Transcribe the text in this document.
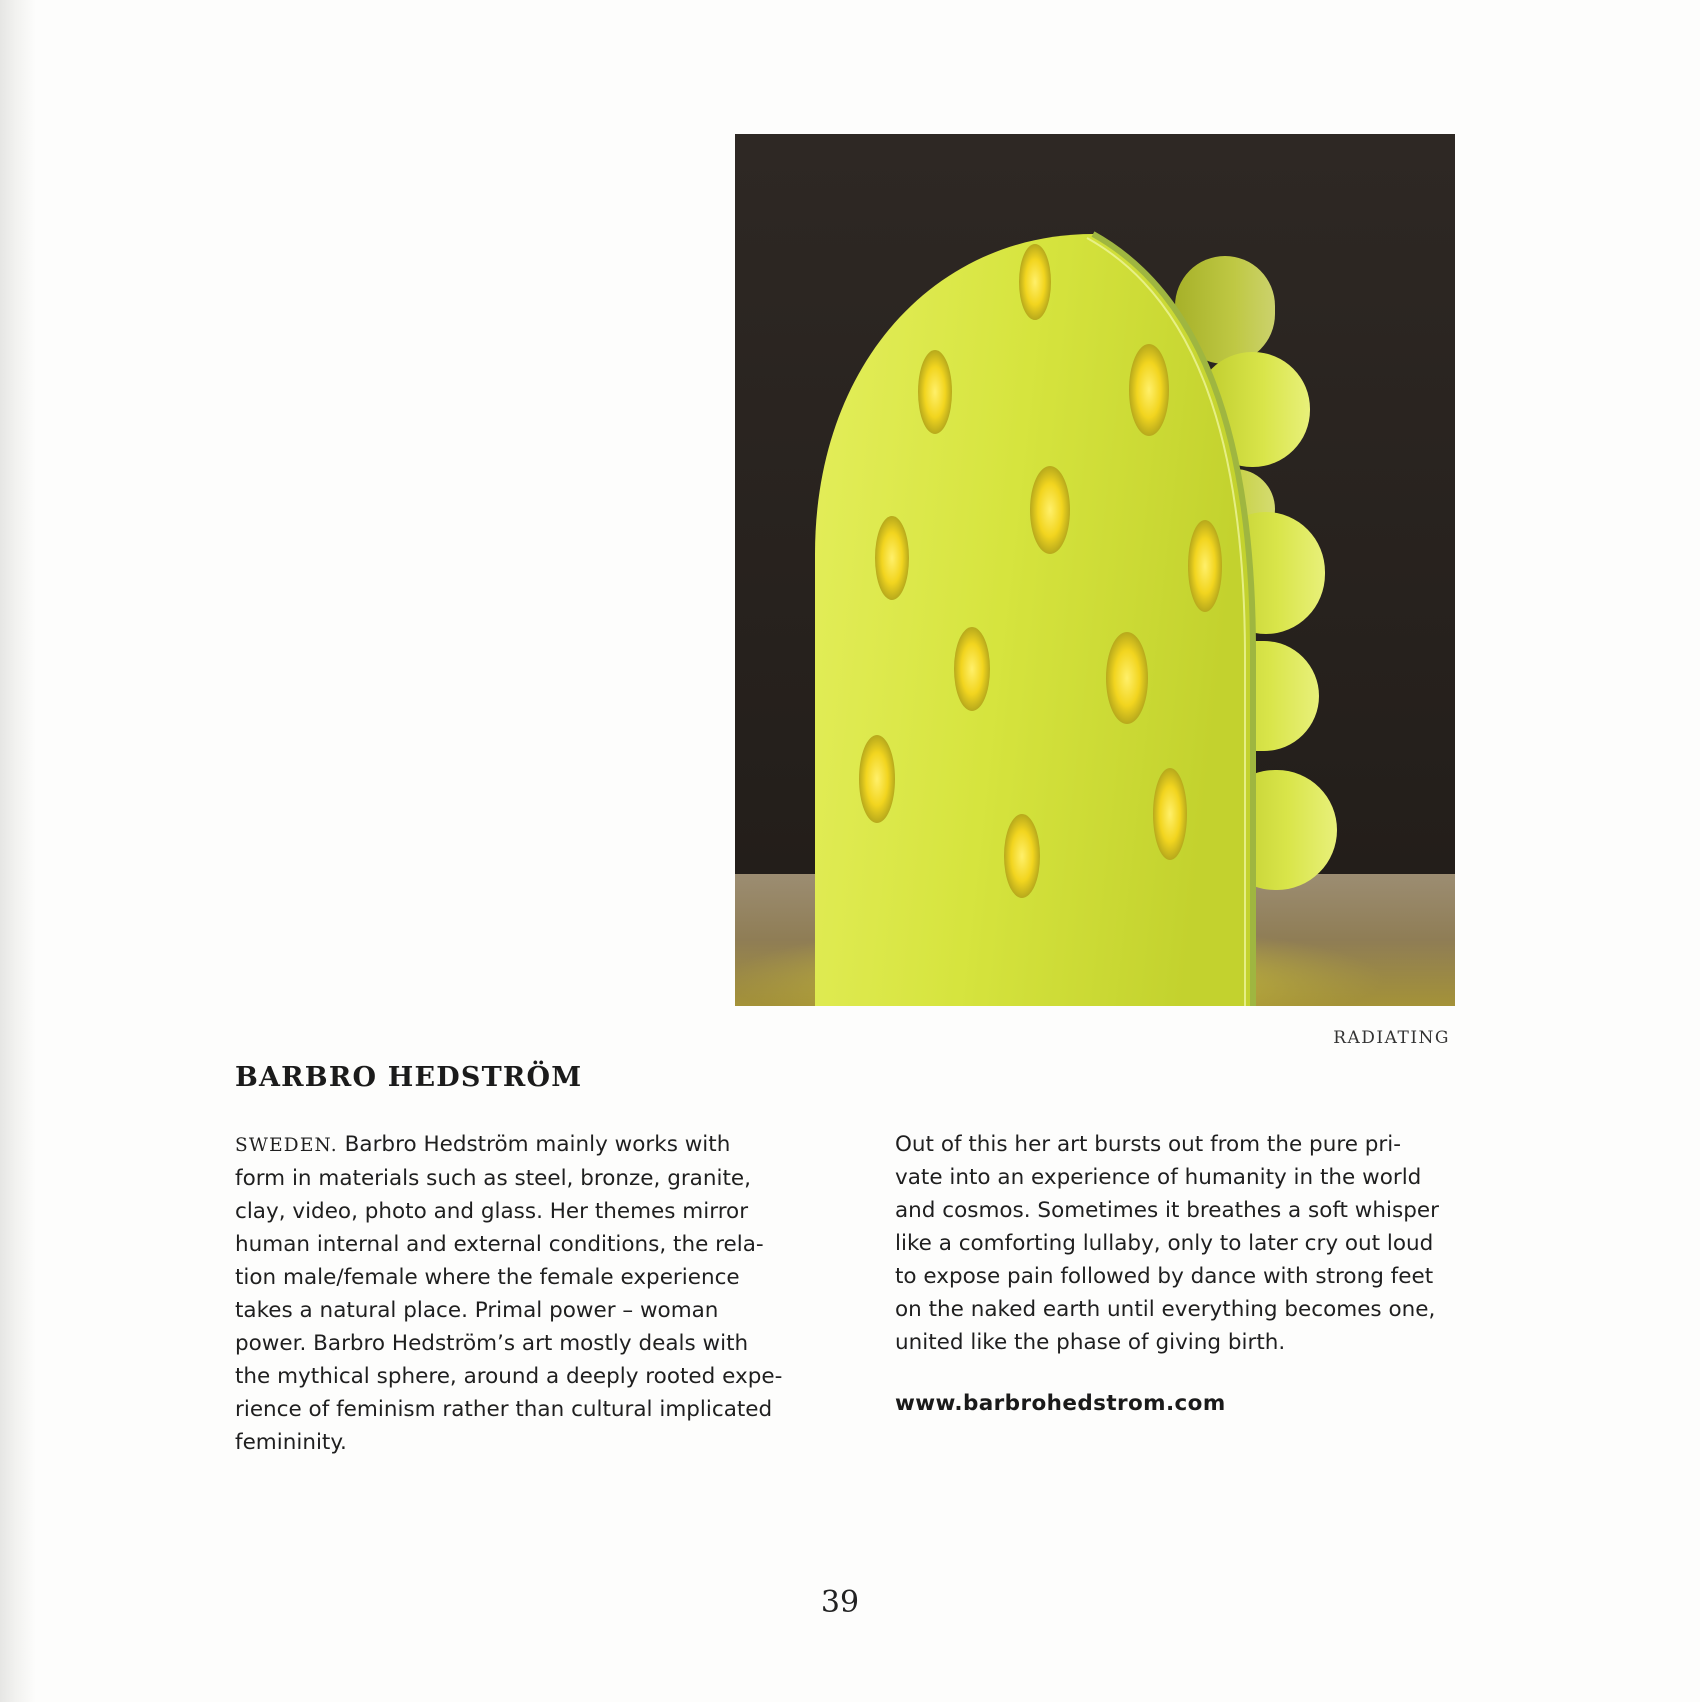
RADIATING
BARBRO HEDSTRÖM
SWEDEN. Barbro Hedström mainly works with
form in materials such as steel, bronze, granite,
clay, video, photo and glass. Her themes mirror
human internal and external conditions, the rela-
tion male/female where the female experience
takes a natural place. Primal power – woman
power. Barbro Hedström’s art mostly deals with
the mythical sphere, around a deeply rooted expe-
rience of feminism rather than cultural implicated
femininity.
Out of this her art bursts out from the pure pri-
vate into an experience of humanity in the world
and cosmos. Sometimes it breathes a soft whisper
like a comforting lullaby, only to later cry out loud
to expose pain followed by dance with strong feet
on the naked earth until everything becomes one,
united like the phase of giving birth.
www.barbrohedstrom.com
39
